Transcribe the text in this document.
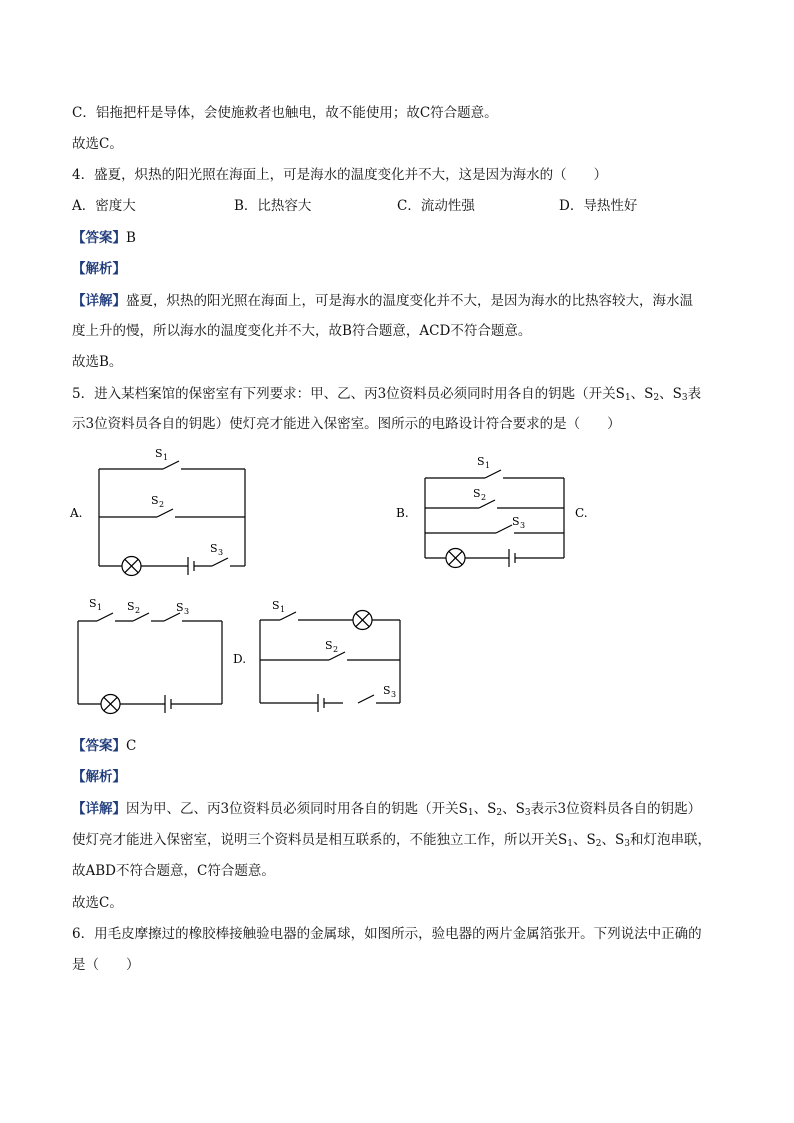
C．铝拖把杆是导体，会使施救者也触电，故不能使用；故C符合题意。
故选C。
4．盛夏，炽热的阳光照在海面上，可是海水的温度变化并不大，这是因为海水的（　　）
A．密度大	B．比热容大	C．流动性强	D．导热性好
【答案】B
【解析】
【详解】盛夏，炽热的阳光照在海面上，可是海水的温度变化并不大，是因为海水的比热容较大，海水温
度上升的慢，所以海水的温度变化并不大，故B符合题意，ACD不符合题意。
故选B。
5．进入某档案馆的保密室有下列要求：甲、乙、丙3位资料员必须同时用各自的钥匙（开关$S_1$、$S_2$、$S_3$表
示3位资料员各自的钥匙）使灯亮才能进入保密室。图所示的电路设计符合要求的是（　　）
A.	B.	C.
D.
S 1
S 2
S 3
S 1
S 2
S 3
S 1 S 2	S 3	S 1
S 2
S 3
【答案】C
【解析】
【详解】因为甲、乙、丙3位资料员必须同时用各自的钥匙（开关$S_1$、$S_2$、$S_3$表示3位资料员各自的钥匙）
使灯亮才能进入保密室，说明三个资料员是相互联系的，不能独立工作，所以开关$S_1$、$S_2$、$S_3$和灯泡串联，
故ABD不符合题意，C符合题意。
故选C。
6．用毛皮摩擦过的橡胶棒接触验电器的金属球，如图所示，验电器的两片金属箔张开。下列说法中正确的
是（　　）
